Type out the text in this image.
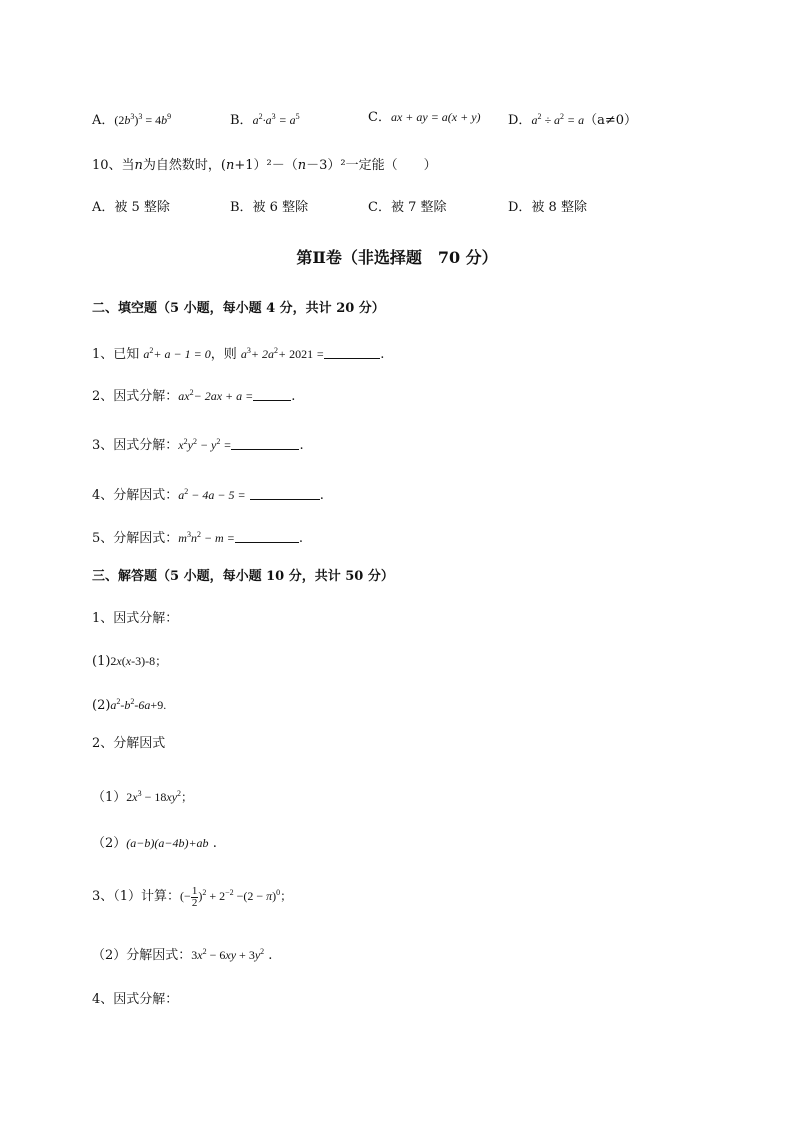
A．$(2b^3)^3 = 4b^9$	B．$a^2\cdot a^3 = a^5$	C．ax + ay = a(x + y) D．$a^2 \div a^2 = a(a\ne 0)$
10、当n为自然数时，(n+1）²－（n－3）²一定能（　　）
A．被 5 整除	B．被 6 整除	C．被 7 整除	D．被 8 整除
第Ⅱ卷（非选择题　70 分）
二、填空题（5 小题，每小题 4 分，共计 20 分）
1、已知 $a^2+ a - 1 = 0$，则 $a^3+ 2a^2+ 2021$ =	.
2、因式分解：$ax^2- 2ax + a$ =	.
3、因式分解：$x^2y^2 - y^2$ =	.
4、分解因式：$a^2 - 4a - 5$ =	.
5、分解因式：$m^3n^2 - m$ =	.
三、解答题（5 小题，每小题 10 分，共计 50 分）
1、因式分解：
(1)2x(x-3)-8；
$(2)a^2-b^2-6a+9$.
2、分解因式
$(1)2x^3 - 18xy^2$；
（2）(a−b)(a−4b)+ab .
3、（1）计算：(− $\frac{1}{2} )^2 + 2^{-2} -(2 - \pi)^0$；
（2）分解因式：$3x^2 - 6xy + 3y^2$ .
4、因式分解：
